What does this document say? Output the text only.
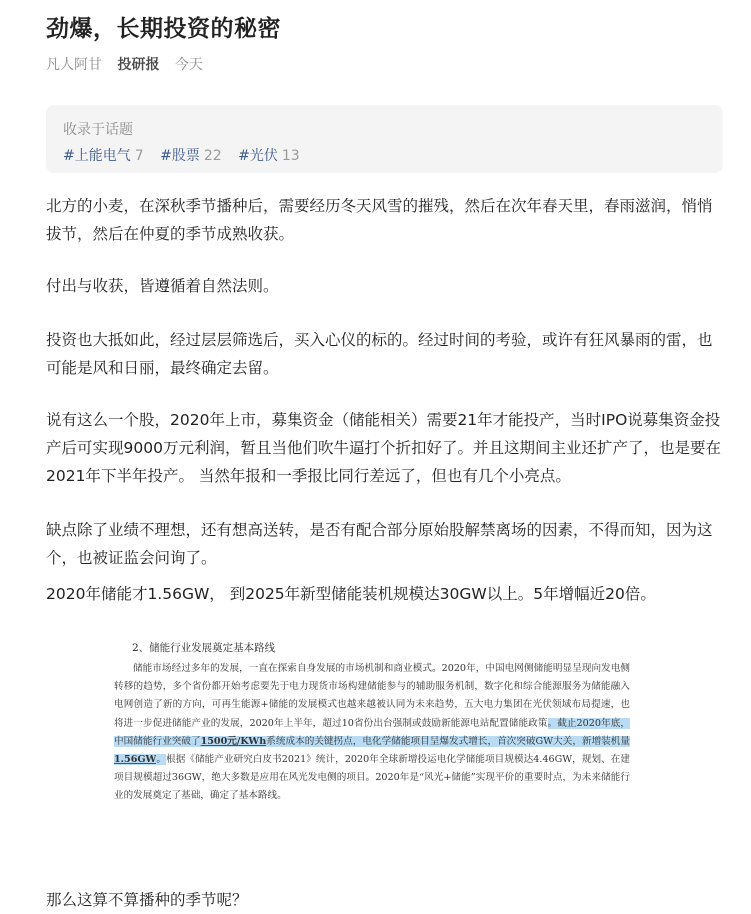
劲爆，长期投资的秘密
凡人阿甘 投研报 今天
收录于话题
#上能电气 7 #股票 22 #光伏 13

北方的小麦，在深秋季节播种后，需要经历冬天风雪的摧残，然后在次年春天里，春雨滋润，悄悄拔节，然后在仲夏的季节成熟收获。

付出与收获，皆遵循着自然法则。

投资也大抵如此，经过层层筛选后，买入心仪的标的。经过时间的考验，或许有狂风暴雨的雷，也可能是风和日丽，最终确定去留。

说有这么一个股，2020年上市，募集资金（储能相关）需要21年才能投产，当时IPO说募集资金投产后可实现9000万元利润，暂且当他们吹牛逼打个折扣好了。并且这期间主业还扩产了，也是要在2021年下半年投产。 当然年报和一季报比同行差远了，但也有几个小亮点。

缺点除了业绩不理想，还有想高送转，是否有配合部分原始股解禁离场的因素，不得而知，因为这个，也被证监会问询了。

2020年储能才1.56GW， 到2025年新型储能装机规模达30GW以上。5年增幅近20倍。

2、储能行业发展奠定基本路线

储能市场经过多年的发展，一直在探索自身发展的市场机制和商业模式。2020年，中国电网侧储能明显呈现向发电侧转移的趋势，多个省份都开始考虑要先于电力现货市场构建储能参与的辅助服务机制，数字化和综合能源服务为储能融入电网创造了新的方向，可再生能源+储能的发展模式也越来越被认同为未来趋势，五大电力集团在光伏领域布局提速，也将进一步促进储能产业的发展，2020年上半年，超过10省份出台强制或鼓励新能源电站配置储能政策。截止2020年底，中国储能行业突破了1500元/KWh系统成本的关键拐点，电化学储能项目呈爆发式增长，首次突破GW大关，新增装机量1.56GW。根据《储能产业研究白皮书2021》统计，2020年全球新增投运电化学储能项目规模达4.46GW，规划、在建项目规模超过36GW，绝大多数是应用在风光发电侧的项目。2020年是“风光+储能”实现平价的重要时点，为未来储能行业的发展奠定了基础，确定了基本路线。

那么这算不算播种的季节呢？
